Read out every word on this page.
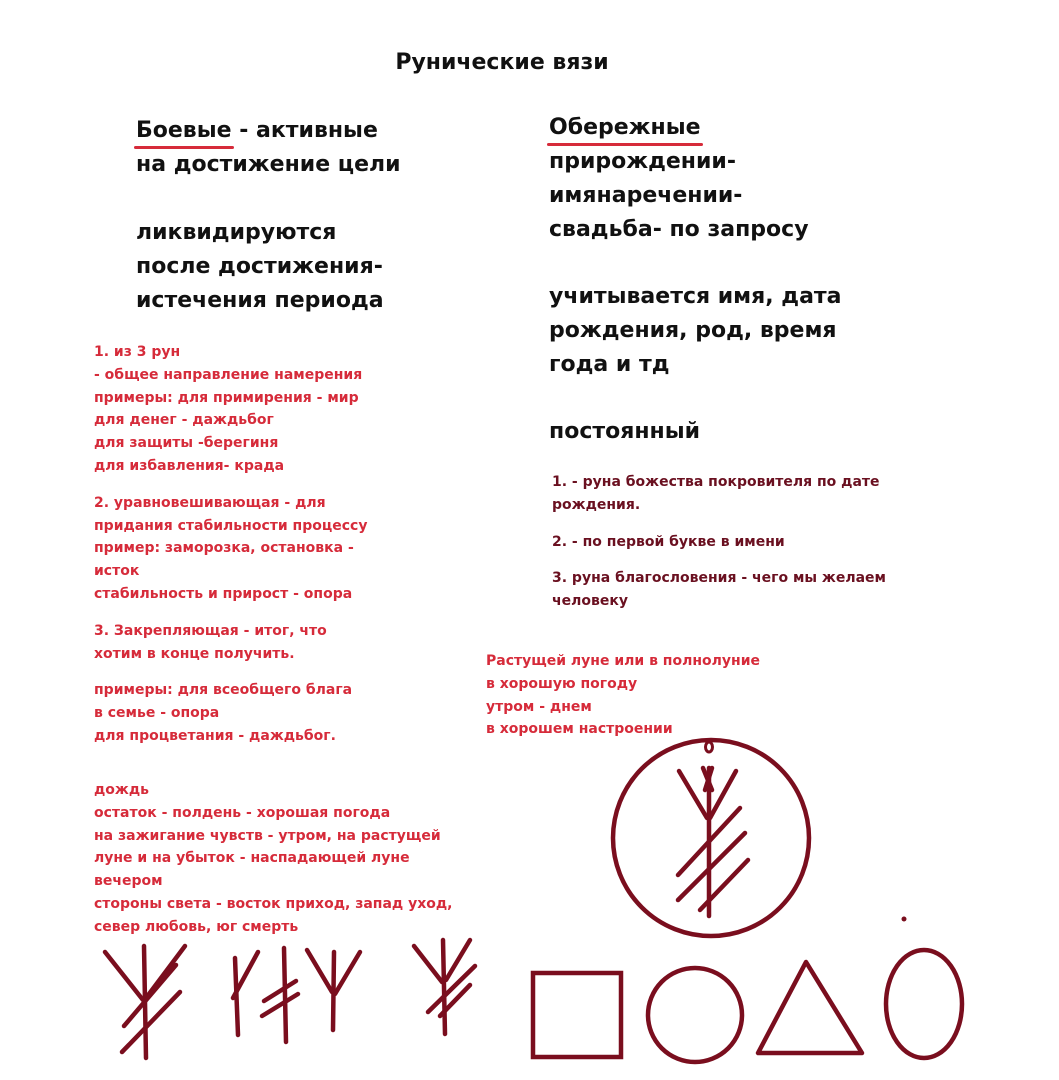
Рунические вязи

Боевые - активные

на достижение цели

ликвидируются

после достижения-

истечения периода

1. из 3 рун
- общее направление намерения
примеры: для примирения - мир
для денег - даждьбог
для защиты -берегиня
для избавления- крада
2. уравновешивающая - для
придания стабильности процессу
пример: заморозка, остановка -
исток
стабильность и прирост - опора
3. Закрепляющая - итог, что
хотим в конце получить.
примеры: для всеобщего блага
в семье - опора
для процветания - даждьбог.
дождь
остаток - полдень - хорошая погода
на зажигание чувств - утром, на растущей
луне и на убыток - наспадающей луне
вечером
стороны света - восток приход, запад уход,
север любовь, юг смерть

Обережные

прирождении-

имянаречении-

свадьба- по запросу

учитывается имя, дата

рождения, род, время

года и тд

постоянный
1. - руна божества покровителя по дате
рождения.
2. - по первой букве в имени
3. руна благословения - чего мы желаем
человеку
Растущей луне или в полнолуние
в хорошую погоду
утром - днем
в хорошем настроении
